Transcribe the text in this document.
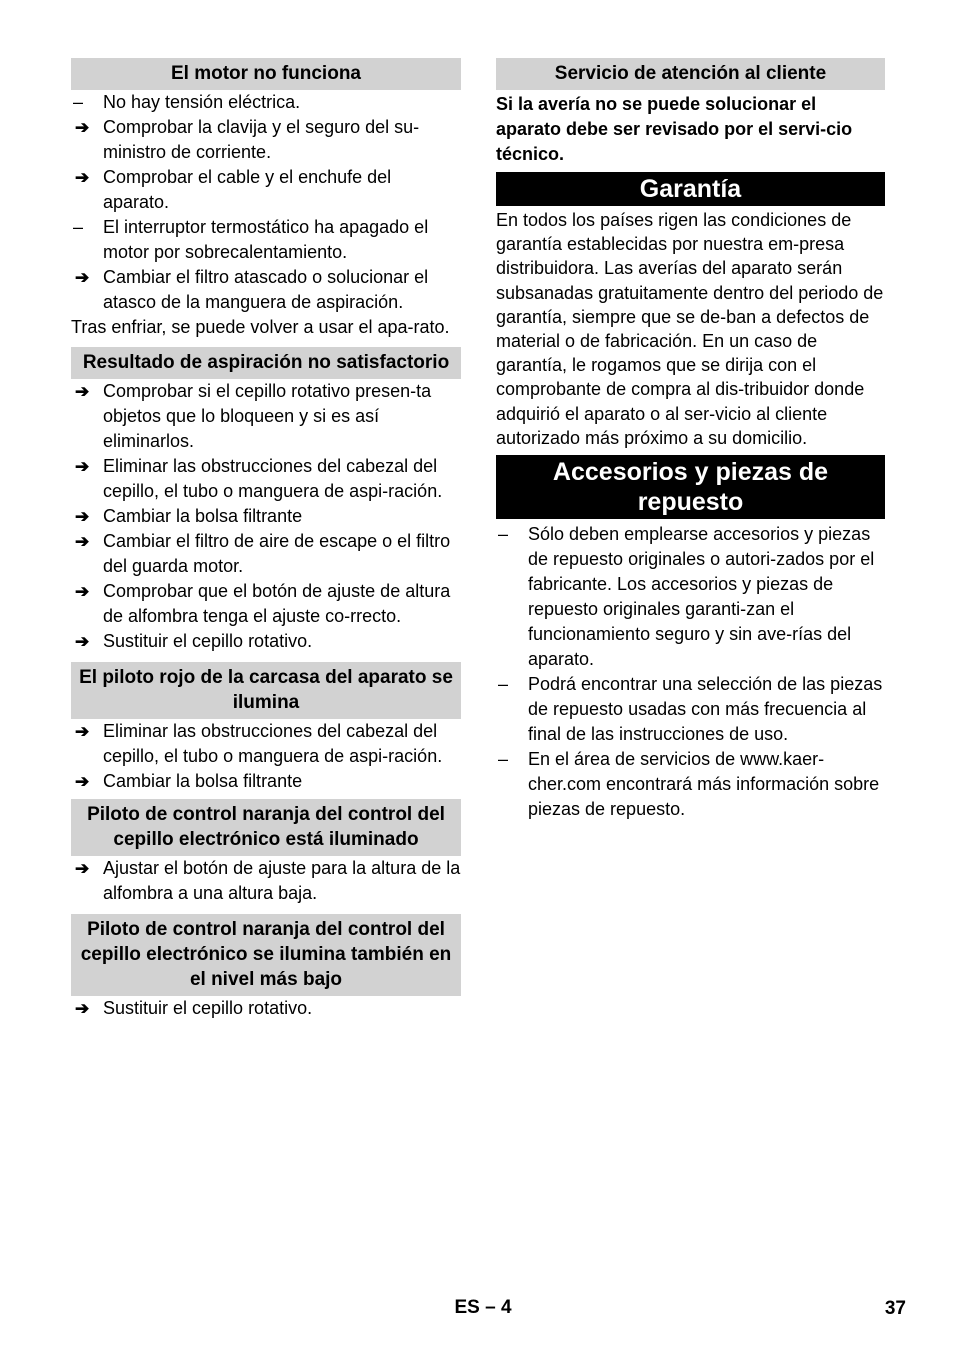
El motor no funciona
–	No hay tensión eléctrica.
➔ Comprobar la clavija y el seguro del su-ministro de corriente.
➔ Comprobar el cable y el enchufe del aparato.
–	El interruptor termostático ha apagado el motor por sobrecalentamiento.
➔ Cambiar el filtro atascado o solucionar el atasco de la manguera de aspiración.

Tras enfriar, se puede volver a usar el apa-rato.

Resultado de aspiración no satisfactorio
➔ Comprobar si el cepillo rotativo presen-ta objetos que lo bloqueen y si es así eliminarlos.
➔ Eliminar las obstrucciones del cabezal del cepillo, el tubo o manguera de aspi-ración.
➔ Cambiar la bolsa filtrante
➔ Cambiar el filtro de aire de escape o el filtro del guarda motor.
➔ Comprobar que el botón de ajuste de altura de alfombra tenga el ajuste co-rrecto.
➔ Sustituir el cepillo rotativo.
El piloto rojo de la carcasa del aparato se ilumina
➔ Eliminar las obstrucciones del cabezal del cepillo, el tubo o manguera de aspi-ración.
➔ Cambiar la bolsa filtrante
Piloto de control naranja del control del cepillo electrónico está iluminado
➔ Ajustar el botón de ajuste para la altura de la alfombra a una altura baja.
Piloto de control naranja del control del cepillo electrónico se ilumina también en el nivel más bajo
➔ Sustituir el cepillo rotativo.
Servicio de atención al cliente

Si la avería no se puede solucionar el aparato debe ser revisado por el servi-cio técnico.

Garantía

En todos los países rigen las condiciones de garantía establecidas por nuestra em-presa distribuidora. Las averías del aparato serán subsanadas gratuitamente dentro del periodo de garantía, siempre que se de-ban a defectos de material o de fabricación. En un caso de garantía, le rogamos que se dirija con el comprobante de compra al dis-tribuidor donde adquirió el aparato o al ser-vicio al cliente autorizado más próximo a su domicilio.

Accesorios y piezas de repuesto
–	Sólo deben emplearse accesorios y piezas de repuesto originales o autori-zados por el fabricante. Los accesorios y piezas de repuesto originales garanti-zan el funcionamiento seguro y sin ave-rías del aparato.
–	Podrá encontrar una selección de las piezas de repuesto usadas con más frecuencia al final de las instrucciones de uso.
–	En el área de servicios de www.kaer-cher.com encontrará más información sobre piezas de repuesto.
ES – 4	37
